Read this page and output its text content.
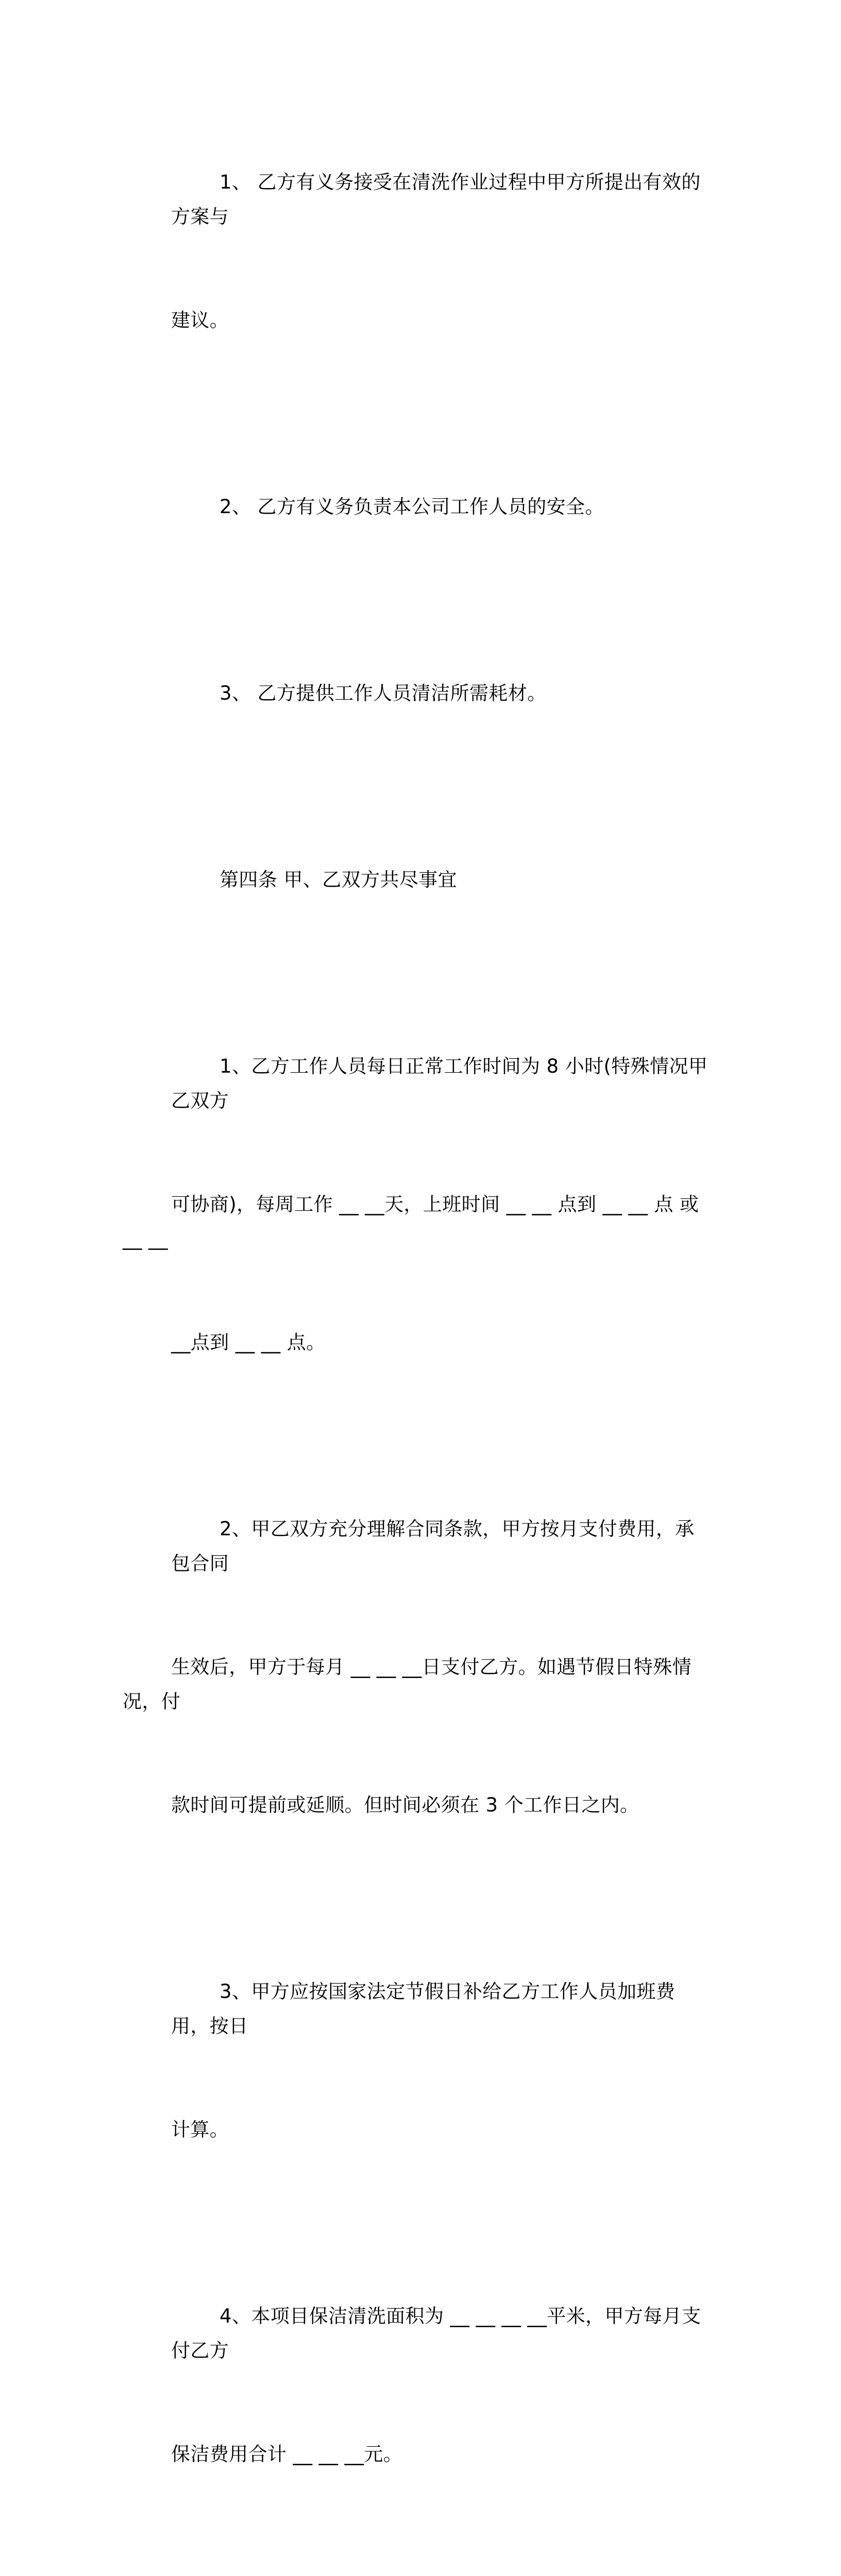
1、 乙方有义务接受在清洗作业过程中甲方所提出有效的方案与

建议。

2、 乙方有义务负责本公司工作人员的安全。

3、 乙方提供工作人员清洁所需耗材。

第四条 甲、乙双方共尽事宜

1、乙方工作人员每日正常工作时间为 8 小时(特殊情况甲乙双方

可协商)，每周工作 __ __天，上班时间 __ __ 点到 __ __ 点 或 __ __

__点到 __ __ 点。

2、甲乙双方充分理解合同条款，甲方按月支付费用，承包合同

生效后，甲方于每月 __ __ __日支付乙方。如遇节假日特殊情况，付

款时间可提前或延顺。但时间必须在 3 个工作日之内。

3、甲方应按国家法定节假日补给乙方工作人员加班费用，按日

计算。

4、本项目保洁清洗面积为 __ __ __ __平米，甲方每月支付乙方

保洁费用合计 __ __ __元。
